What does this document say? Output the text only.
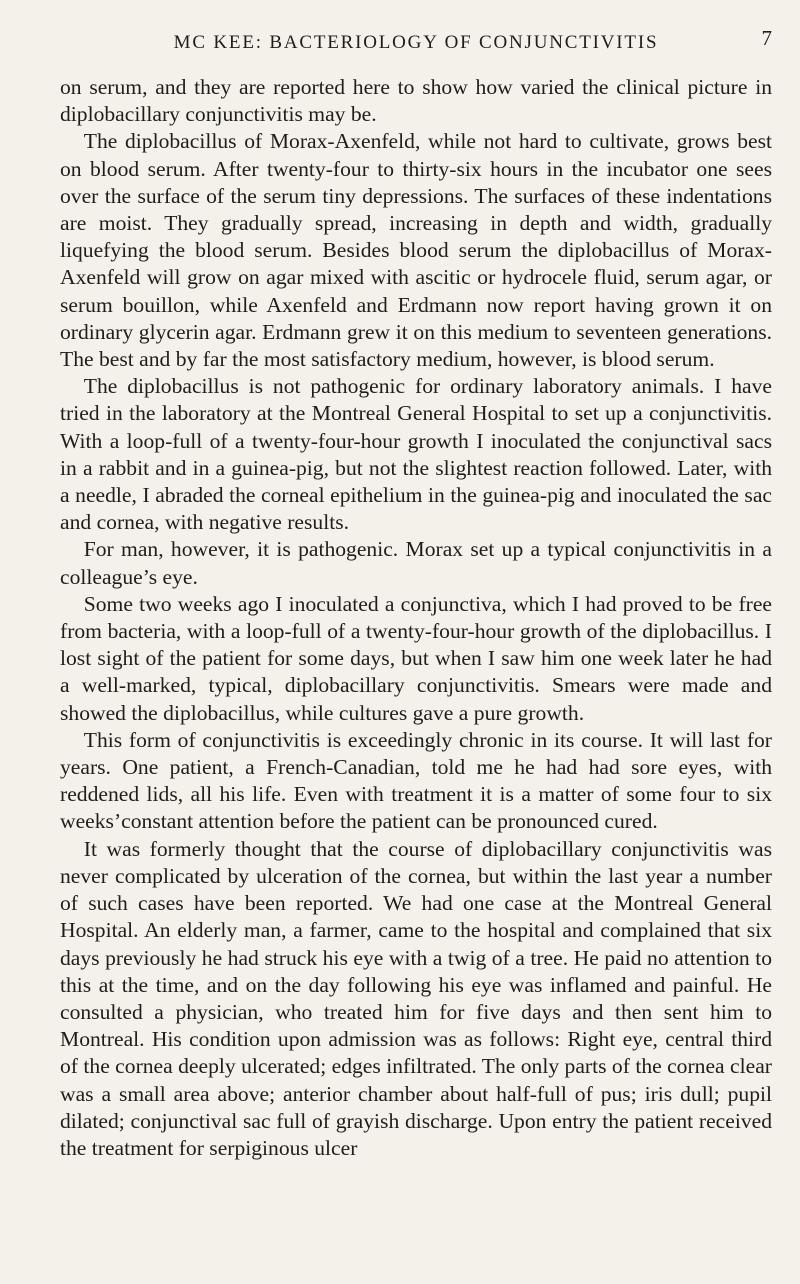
MC KEE: BACTERIOLOGY OF CONJUNCTIVITIS	7

on serum, and they are reported here to show how varied the clinical picture in diplobacillary conjunctivitis may be.

The diplobacillus of Morax-Axenfeld, while not hard to cultivate, grows best on blood serum. After twenty-four to thirty-six hours in the incubator one sees over the surface of the serum tiny depressions. The surfaces of these indentations are moist. They gradually spread, increasing in depth and width, gradually liquefying the blood serum. Besides blood serum the diplobacillus of Morax-Axenfeld will grow on agar mixed with ascitic or hydrocele fluid, serum agar, or serum bouillon, while Axenfeld and Erdmann now report having grown it on ordinary glycerin agar. Erdmann grew it on this medium to seventeen generations. The best and by far the most satisfactory medium, however, is blood serum.

The diplobacillus is not pathogenic for ordinary laboratory animals. I have tried in the laboratory at the Montreal General Hospital to set up a conjunctivitis. With a loop-full of a twenty-four-hour growth I inoculated the conjunctival sacs in a rabbit and in a guinea-pig, but not the slightest reaction followed. Later, with a needle, I abraded the corneal epithelium in the guinea-pig and inoculated the sac and cornea, with negative results.

For man, however, it is pathogenic. Morax set up a typical conjunctivitis in a colleague’s eye.

Some two weeks ago I inoculated a conjunctiva, which I had proved to be free from bacteria, with a loop-full of a twenty-four-hour growth of the diplobacillus. I lost sight of the patient for some days, but when I saw him one week later he had a well-marked, typical, diplobacillary conjunctivitis. Smears were made and showed the diplobacillus, while cultures gave a pure growth.

This form of conjunctivitis is exceedingly chronic in its course. It will last for years. One patient, a French-Canadian, told me he had had sore eyes, with reddened lids, all his life. Even with treatment it is a matter of some four to six weeks’constant attention before the patient can be pronounced cured.

It was formerly thought that the course of diplobacillary conjunctivitis was never complicated by ulceration of the cornea, but within the last year a number of such cases have been reported. We had one case at the Montreal General Hospital. An elderly man, a farmer, came to the hospital and complained that six days previously he had struck his eye with a twig of a tree. He paid no attention to this at the time, and on the day following his eye was inflamed and painful. He consulted a physician, who treated him for five days and then sent him to Montreal. His condition upon admission was as follows: Right eye, central third of the cornea deeply ulcerated; edges infiltrated. The only parts of the cornea clear was a small area above; anterior chamber about half-full of pus; iris dull; pupil dilated; conjunctival sac full of grayish discharge. Upon entry the patient received the treatment for serpiginous ulcer
